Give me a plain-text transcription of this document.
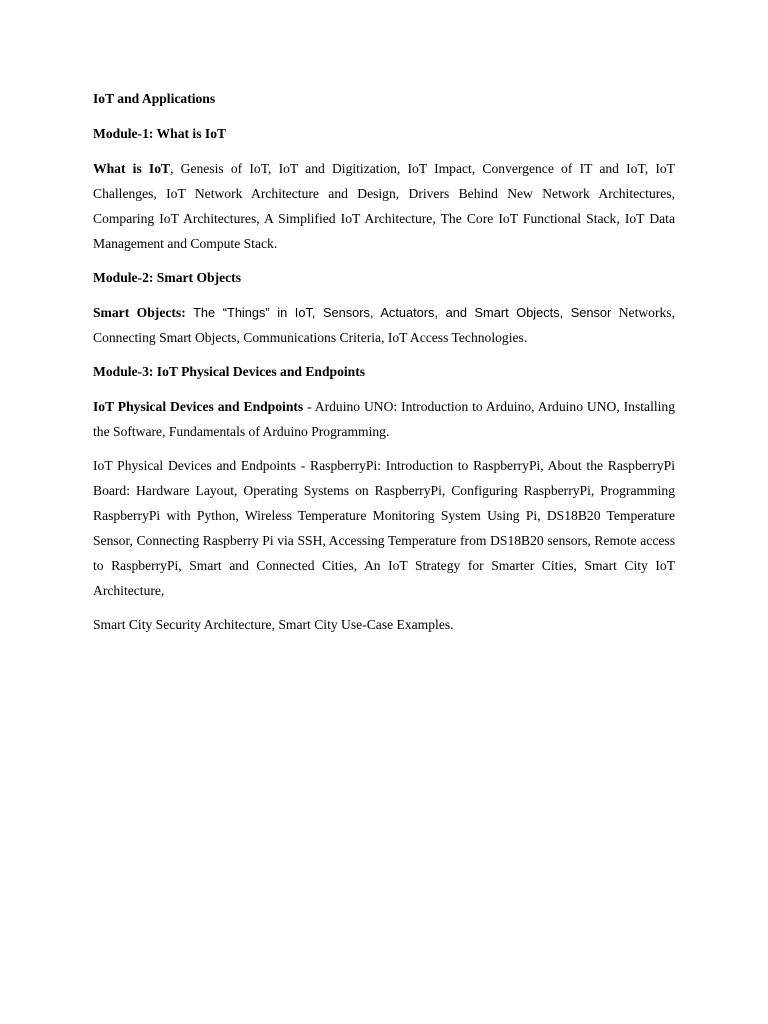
IoT and Applications

Module-1: What is IoT

What is IoT, Genesis of IoT, IoT and Digitization, IoT Impact, Convergence of IT and IoT, IoT Challenges, IoT Network Architecture and Design, Drivers Behind New Network Architectures, Comparing IoT Architectures, A Simplified IoT Architecture, The Core IoT Functional Stack, IoT Data Management and Compute Stack.

Module-2: Smart Objects

Smart Objects: The “Things” in IoT, Sensors, Actuators, and Smart Objects, Sensor Networks, Connecting Smart Objects, Communications Criteria, IoT Access Technologies.

Module-3: IoT Physical Devices and Endpoints

IoT Physical Devices and Endpoints - Arduino UNO: Introduction to Arduino, Arduino UNO, Installing the Software, Fundamentals of Arduino Programming.

IoT Physical Devices and Endpoints - RaspberryPi: Introduction to RaspberryPi, About the RaspberryPi Board: Hardware Layout, Operating Systems on RaspberryPi, Configuring RaspberryPi, Programming RaspberryPi with Python, Wireless Temperature Monitoring System Using Pi, DS18B20 Temperature Sensor, Connecting Raspberry Pi via SSH, Accessing Temperature from DS18B20 sensors, Remote access to RaspberryPi, Smart and Connected Cities, An IoT Strategy for Smarter Cities, Smart City IoT Architecture,

Smart City Security Architecture, Smart City Use-Case Examples.
